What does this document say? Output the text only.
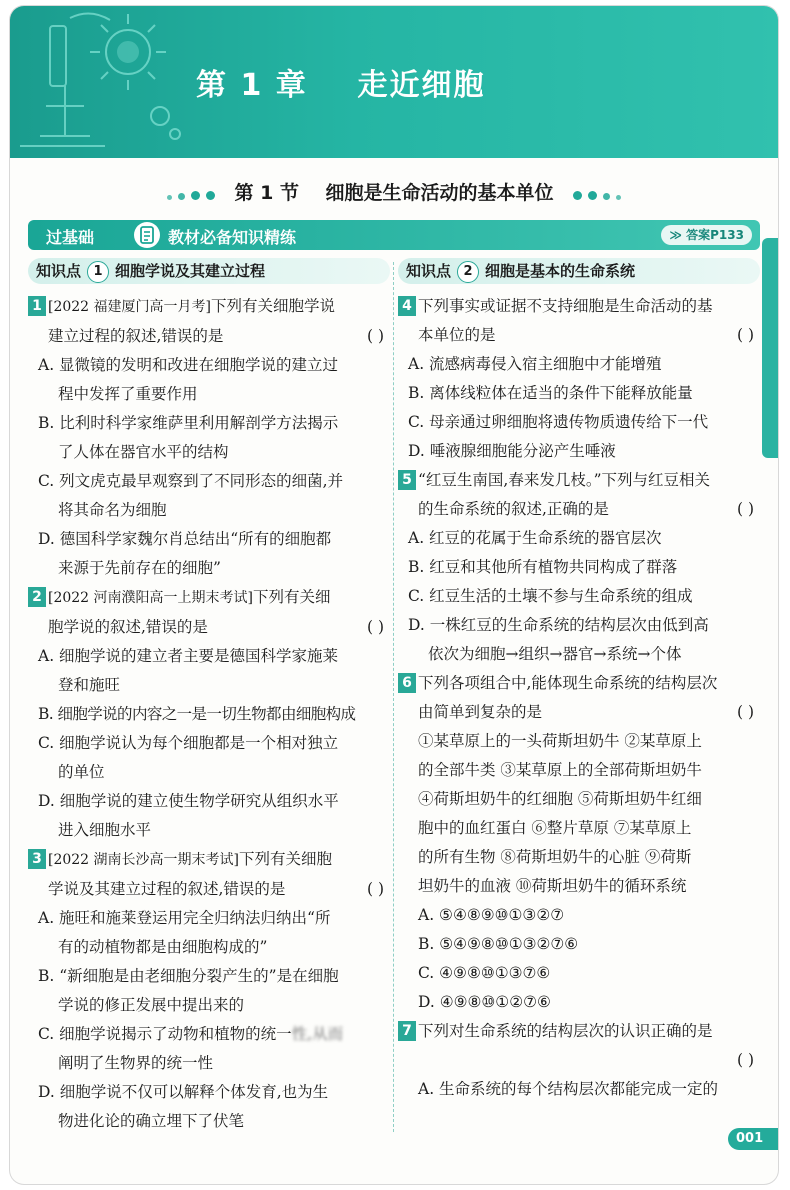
第 1 章    走近细胞
第 1 节    细胞是生命活动的基本单位
过基础	教材必备知识精练	≫ 答案P133
知识点 1 细胞学说及其建立过程

1 [2022 福建厦门高一月考]下列有关细胞学说

建立过程的叙述,错误的是	( )

A. 显微镜的发明和改进在细胞学说的建立过

程中发挥了重要作用

B. 比利时科学家维萨里利用解剖学方法揭示

了人体在器官水平的结构

C. 列文虎克最早观察到了不同形态的细菌,并

将其命名为细胞

D. 德国科学家魏尔肖总结出“所有的细胞都

来源于先前存在的细胞”

2 [2022 河南濮阳高一上期末考试]下列有关细

胞学说的叙述,错误的是	( )

A. 细胞学说的建立者主要是德国科学家施莱

登和施旺

B. 细胞学说的内容之一是一切生物都由细胞构成

C. 细胞学说认为每个细胞都是一个相对独立

的单位

D. 细胞学说的建立使生物学研究从组织水平

进入细胞水平

3 [2022 湖南长沙高一期末考试]下列有关细胞

学说及其建立过程的叙述,错误的是	( )

A. 施旺和施莱登运用完全归纳法归纳出“所

有的动植物都是由细胞构成的”

B. “新细胞是由老细胞分裂产生的”是在细胞

学说的修正发展中提出来的

C. 细胞学说揭示了动物和植物的统一性,从而

阐明了生物界的统一性

D. 细胞学说不仅可以解释个体发育,也为生

物进化论的确立埋下了伏笔

知识点 2 细胞是基本的生命系统

4 下列事实或证据不支持细胞是生命活动的基

本单位的是	( )

A. 流感病毒侵入宿主细胞中才能增殖

B. 离体线粒体在适当的条件下能释放能量

C. 母亲通过卵细胞将遗传物质遗传给下一代

D. 唾液腺细胞能分泌产生唾液

5 “红豆生南国,春来发几枝。”下列与红豆相关

的生命系统的叙述,正确的是	( )

A. 红豆的花属于生命系统的器官层次

B. 红豆和其他所有植物共同构成了群落

C. 红豆生活的土壤不参与生命系统的组成

D. 一株红豆的生命系统的结构层次由低到高

依次为细胞→组织→器官→系统→个体

6 下列各项组合中,能体现生命系统的结构层次

由简单到复杂的是	( )

①某草原上的一头荷斯坦奶牛 ②某草原上

的全部牛类 ③某草原上的全部荷斯坦奶牛

④荷斯坦奶牛的红细胞 ⑤荷斯坦奶牛红细

胞中的血红蛋白 ⑥整片草原 ⑦某草原上

的所有生物 ⑧荷斯坦奶牛的心脏 ⑨荷斯

坦奶牛的血液 ⑩荷斯坦奶牛的循环系统

A. ⑤④⑧⑨⑩①③②⑦

B. ⑤④⑨⑧⑩①③②⑦⑥

C. ④⑨⑧⑩①③⑦⑥

D. ④⑨⑧⑩①②⑦⑥

7 下列对生命系统的结构层次的认识正确的是

( )

A. 生命系统的每个结构层次都能完成一定的

001
